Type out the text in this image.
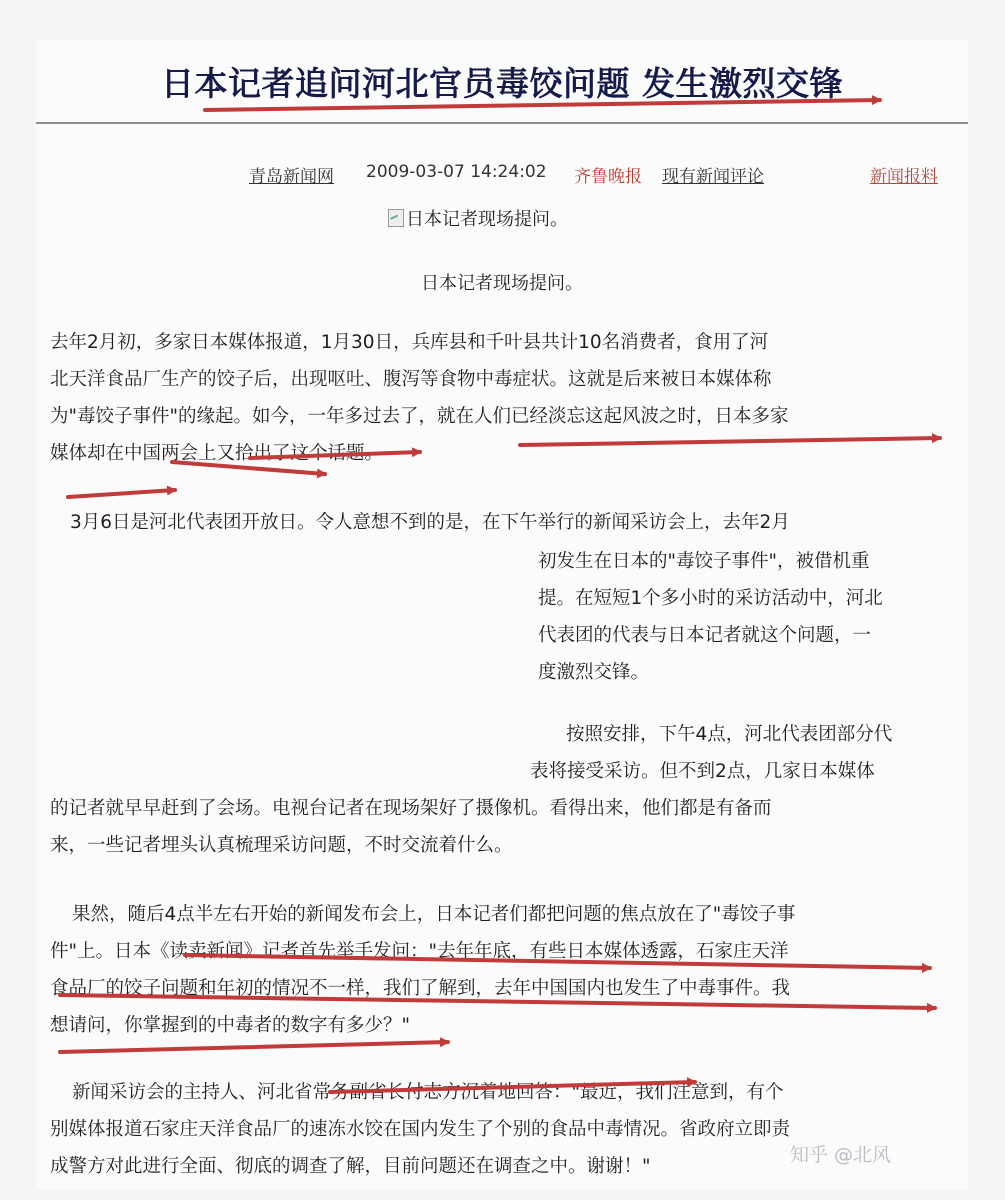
日本记者追问河北官员毒饺问题 发生激烈交锋
青岛新闻网 2009-03-07 14:24:02 齐鲁晚报 现有新闻评论	新闻报料
日本记者现场提问。
日本记者现场提问。
去年2月初，多家日本媒体报道，1月30日，兵库县和千叶县共计10名消费者，食用了河
北天洋食品厂生产的饺子后，出现呕吐、腹泻等食物中毒症状。这就是后来被日本媒体称
为"毒饺子事件"的缘起。如今，一年多过去了，就在人们已经淡忘这起风波之时，日本多家
媒体却在中国两会上又拾出了这个话题。
3月6日是河北代表团开放日。令人意想不到的是，在下午举行的新闻采访会上，去年2月
初发生在日本的"毒饺子事件"，被借机重
提。在短短1个多小时的采访活动中，河北
代表团的代表与日本记者就这个问题，一
度激烈交锋。
按照安排，下午4点，河北代表团部分代
表将接受采访。但不到2点，几家日本媒体
的记者就早早赶到了会场。电视台记者在现场架好了摄像机。看得出来，他们都是有备而
来，一些记者埋头认真梳理采访问题，不时交流着什么。
果然，随后4点半左右开始的新闻发布会上，日本记者们都把问题的焦点放在了"毒饺子事
件"上。日本《读卖新闻》记者首先举手发问："去年年底，有些日本媒体透露，石家庄天洋
食品厂的饺子问题和年初的情况不一样，我们了解到，去年中国国内也发生了中毒事件。我
想请问，你掌握到的中毒者的数字有多少？"
新闻采访会的主持人、河北省常务副省长付志方沉着地回答："最近，我们注意到，有个
别媒体报道石家庄天洋食品厂的速冻水饺在国内发生了个别的食品中毒情况。省政府立即责
成警方对此进行全面、彻底的调查了解，目前问题还在调查之中。谢谢！"
知乎 @北风
